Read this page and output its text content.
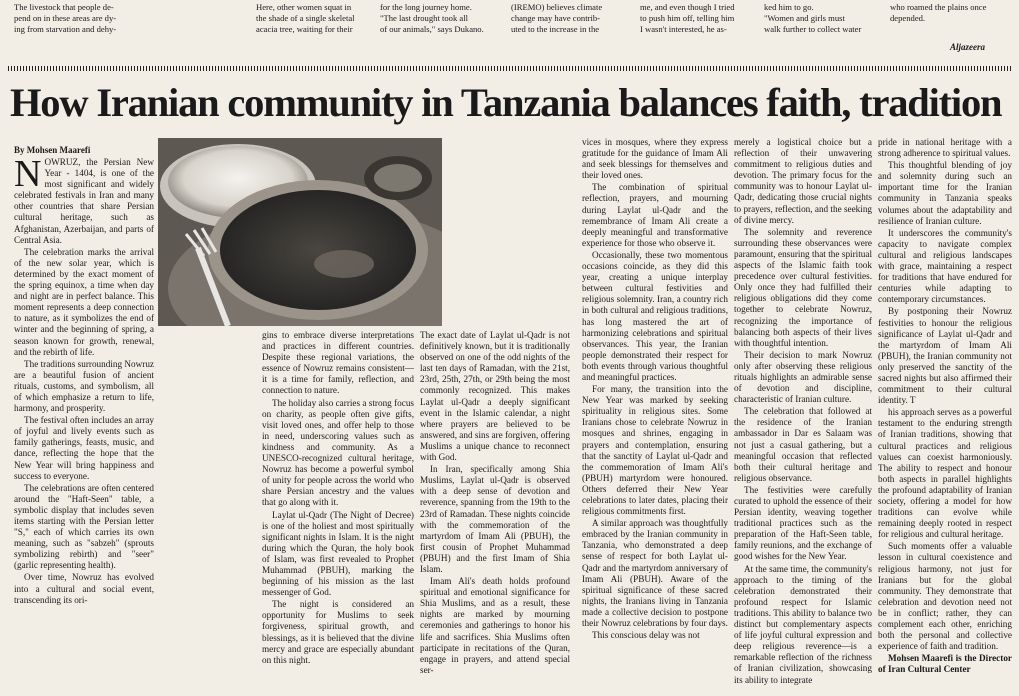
The livestock that people de-
pend on in these areas are dy-
ing from starvation and dehy-
Here, other women squat in
the shade of a single skeletal
acacia tree, waiting for their
for the long journey home.
"The last drought took all
of our animals," says Dukano.
(IREMO) believes climate
change may have contrib-
uted to the increase in the
me, and even though I tried
to push him off, telling him
I wasn't interested, he as-
ked him to go.
"Women and girls must
walk further to collect water
who roamed the plains once
depended.
Aljazeera
How Iranian community in Tanzania balances faith, tradition
By Mohsen Maarefi

NOWRUZ, the Persian New Year - 1404, is one of the most significant and widely celebrated festivals in Iran and many other countries that share Persian cultural heritage, such as Afghanistan, Azerbaijan, and parts of Central Asia.

The celebration marks the arrival of the new solar year, which is determined by the exact moment of the spring equinox, a time when day and night are in perfect balance. This moment represents a deep connection to nature, as it symbolizes the end of winter and the beginning of spring, a season known for growth, renewal, and the rebirth of life.

The traditions surrounding Nowruz are a beautiful fusion of ancient rituals, customs, and symbolism, all of which emphasize a return to life, harmony, and prosperity.

The festival often includes an array of joyful and lively events such as family gatherings, feasts, music, and dance, reflecting the hope that the New Year will bring happiness and success to everyone.

The celebrations are often centered around the "Haft-Seen" table, a symbolic display that includes seven items starting with the Persian letter "S," each of which carries its own meaning, such as "sabzeh" (sprouts symbolizing rebirth) and "seer" (garlic representing health).

Over time, Nowruz has evolved into a cultural and social event, transcending its ori-

gins to embrace diverse interpretations and practices in different countries. Despite these regional variations, the essence of Nowruz remains consistent—it is a time for family, reflection, and connection to nature.

The holiday also carries a strong focus on charity, as people often give gifts, visit loved ones, and offer help to those in need, underscoring values such as kindness and community. As a UNESCO-recognized cultural heritage, Nowruz has become a powerful symbol of unity for people across the world who share Persian ancestry and the values that go along with it.

Laylat ul-Qadr (The Night of Decree) is one of the holiest and most spiritually significant nights in Islam. It is the night during which the Quran, the holy book of Islam, was first revealed to Prophet Muhammad (PBUH), marking the beginning of his mission as the last messenger of God.

The night is considered an opportunity for Muslims to seek forgiveness, spiritual growth, and blessings, as it is believed that the divine mercy and grace are especially abundant on this night.

The exact date of Laylat ul-Qadr is not definitively known, but it is traditionally observed on one of the odd nights of the last ten days of Ramadan, with the 21st, 23rd, 25th, 27th, or 29th being the most commonly recognized. This makes Laylat ul-Qadr a deeply significant event in the Islamic calendar, a night where prayers are believed to be answered, and sins are forgiven, offering Muslims a unique chance to reconnect with God.

In Iran, specifically among Shia Muslims, Laylat ul-Qadr is observed with a deep sense of devotion and reverence, spanning from the 19th to the 23rd of Ramadan. These nights coincide with the commemoration of the martyrdom of Imam Ali (PBUH), the first cousin of Prophet Muhammad (PBUH) and the first Imam of Shia Islam.

Imam Ali's death holds profound spiritual and emotional significance for Shia Muslims, and as a result, these nights are marked by mourning ceremonies and gatherings to honor his life and sacrifices. Shia Muslims often participate in recitations of the Quran, engage in prayers, and attend special ser-

vices in mosques, where they express gratitude for the guidance of Imam Ali and seek blessings for themselves and their loved ones.

The combination of spiritual reflection, prayers, and mourning during Laylat ul-Qadr and the remembrance of Imam Ali create a deeply meaningful and transformative experience for those who observe it.

Occasionally, these two momentous occasions coincide, as they did this year, creating a unique interplay between cultural festivities and religious solemnity. Iran, a country rich in both cultural and religious traditions, has long mastered the art of harmonizing celebrations and spiritual observances. This year, the Iranian people demonstrated their respect for both events through various thoughtful and meaningful practices.

For many, the transition into the New Year was marked by seeking spirituality in religious sites. Some Iranians chose to celebrate Nowruz in mosques and shrines, engaging in prayers and contemplation, ensuring that the sanctity of Laylat ul-Qadr and the commemoration of Imam Ali's (PBUH) martyrdom were honoured. Others deferred their New Year celebrations to later dates, placing their religious commitments first.

A similar approach was thoughtfully embraced by the Iranian community in Tanzania, who demonstrated a deep sense of respect for both Laylat ul-Qadr and the martyrdom anniversary of Imam Ali (PBUH). Aware of the spiritual significance of these sacred nights, the Iranians living in Tanzania made a collective decision to postpone their Nowruz celebrations by four days.

This conscious delay was not

merely a logistical choice but a reflection of their unwavering commitment to religious duties and devotion. The primary focus for the community was to honour Laylat ul-Qadr, dedicating those crucial nights to prayers, reflection, and the seeking of divine mercy.

The solemnity and reverence surrounding these observances were paramount, ensuring that the spiritual aspects of the Islamic faith took precedence over cultural festivities. Only once they had fulfilled their religious obligations did they come together to celebrate Nowruz, recognizing the importance of balancing both aspects of their lives with thoughtful intention.

Their decision to mark Nowruz only after observing these religious rituals highlights an admirable sense of devotion and discipline, characteristic of Iranian culture.

The celebration that followed at the residence of the Iranian ambassador in Dar es Salaam was not just a casual gathering, but a meaningful occasion that reflected both their cultural heritage and religious observance.

The festivities were carefully curated to uphold the essence of their Persian identity, weaving together traditional practices such as the preparation of the Haft-Seen table, family reunions, and the exchange of good wishes for the New Year.

At the same time, the community's approach to the timing of the celebration demonstrated their profound respect for Islamic traditions. This ability to balance two distinct but complementary aspects of life joyful cultural expression and deep religious reverence—is a remarkable reflection of the richness of Iranian civilization, showcasing its ability to integrate

pride in national heritage with a strong adherence to spiritual values.

This thoughtful blending of joy and solemnity during such an important time for the Iranian community in Tanzania speaks volumes about the adaptability and resilience of Iranian culture.

It underscores the community's capacity to navigate complex cultural and religious landscapes with grace, maintaining a respect for traditions that have endured for centuries while adapting to contemporary circumstances.

By postponing their Nowruz festivities to honour the religious significance of Laylat ul-Qadr and the martyrdom of Imam Ali (PBUH), the Iranian community not only preserved the sanctity of the sacred nights but also affirmed their commitment to their cultural identity. T

his approach serves as a powerful testament to the enduring strength of Iranian traditions, showing that cultural practices and religious values can coexist harmoniously. The ability to respect and honour both aspects in parallel highlights the profound adaptability of Iranian society, offering a model for how traditions can evolve while remaining deeply rooted in respect for religious and cultural heritage.

Such moments offer a valuable lesson in cultural coexistence and religious harmony, not just for Iranians but for the global community. They demonstrate that celebration and devotion need not be in conflict; rather, they can complement each other, enriching both the personal and collective experience of faith and tradition.

Mohsen Maarefi is the Director of Iran Cultural Center
